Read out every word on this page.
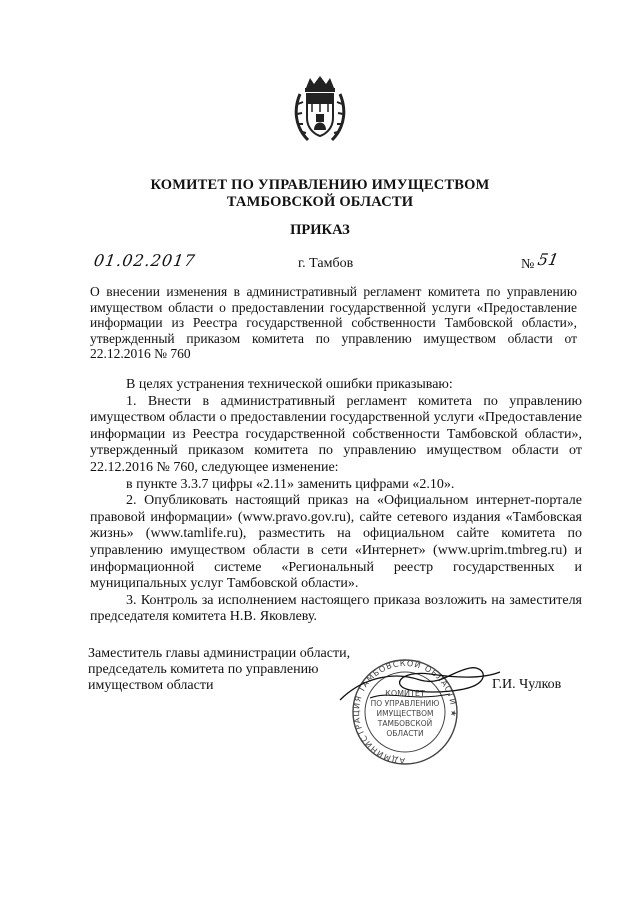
КОМИТЕТ ПО УПРАВЛЕНИЮ ИМУЩЕСТВОМ
ТАМБОВСКОЙ ОБЛАСТИ
ПРИКАЗ
01.02.2017	г. Тамбов	№ 51
О внесении изменения в административный регламент комитета по управлению имуществом области о предоставлении государственной услуги «Предоставление информации из Реестра государственной собственности Тамбовской области», утвержденный приказом комитета по управлению имуществом области от 22.12.2016 № 760

В целях устранения технической ошибки приказываю:

1. Внести в административный регламент комитета по управлению имуществом области о предоставлении государственной услуги «Предоставление информации из Реестра государственной собственности Тамбовской области», утвержденный приказом комитета по управлению имуществом области от 22.12.2016 № 760, следующее изменение:

в пункте 3.3.7 цифры «2.11» заменить цифрами «2.10».

2. Опубликовать настоящий приказ на «Официальном интернет-портале правовой информации» (www.pravo.gov.ru), сайте сетевого издания «Тамбовская жизнь» (www.tamlife.ru), разместить на официальном сайте комитета по управлению имуществом области в сети «Интернет» (www.uprim.tmbreg.ru) и информационной системе «Региональный реестр государственных и муниципальных услуг Тамбовской области».

3. Контроль за исполнением настоящего приказа возложить на заместителя председателя комитета Н.В. Яковлеву.

Заместитель главы администрации области,
председатель комитета по управлению
имуществом области
АДМИНИСТРАЦИЯ ТАМБОВСКОЙ ОБЛАСТИ ★
КОМИТЕТ
ПО УПРАВЛЕНИЮ
ИМУЩЕСТВОМ
ТАМБОВСКОЙ
ОБЛАСТИ
Г.И. Чулков
